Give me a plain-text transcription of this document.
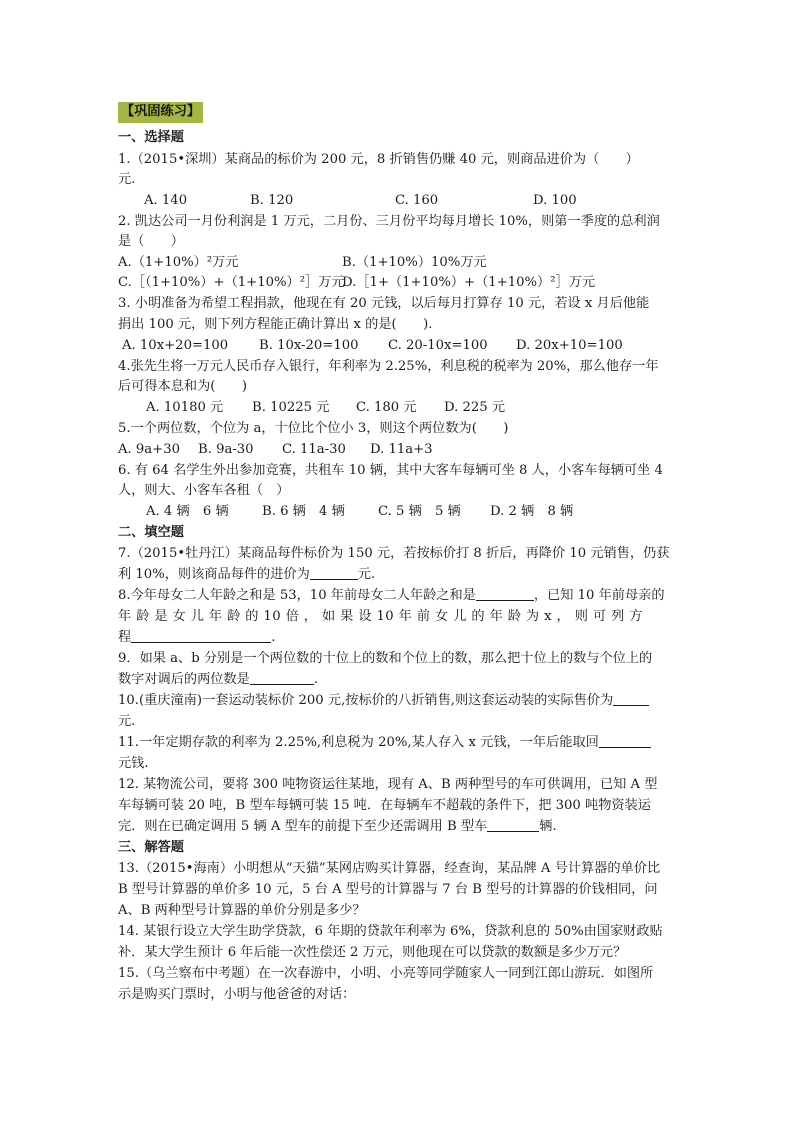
【巩固练习】
一、选择题
1.（2015•深圳）某商品的标价为 200 元，8 折销售仍赚 40 元，则商品进价为（　　）
元.
A. 140	B. 120	C. 160	D. 100
2. 凯达公司一月份利润是 1 万元，二月份、三月份平均每月增长 10%，则第一季度的总利润
是（　　）
A.（1+10%）²万元	B.（1+10%）10%万元
C.［（1+10%）+（1+10%）²］万元
D.［1+（1+10%）+（1+10%）²］万元
3. 小明准备为希望工程捐款，他现在有 20 元钱，以后每月打算存 10 元，若设 x 月后他能
捐出 100 元，则下列方程能正确计算出 x 的是(　　).
A. 10x+20=100 B. 10x-20=100 C. 20-10x=100 D. 20x+10=100
4.张先生将一万元人民币存入银行，年利率为 2.25%，利息税的税率为 20%，那么他存一年
后可得本息和为(　　)
A. 10180 元 B. 10225 元 C. 180 元 D. 225 元
5.一个两位数，个位为 a，十位比个位小 3，则这个两位数为(　　)
A. 9a+30 B. 9a-30 C. 11a-30 D. 11a+3
6. 有 64 名学生外出参加竞赛，共租车 10 辆，其中大客车每辆可坐 8 人，小客车每辆可坐 4
人，则大、小客车各租（　）
A. 4 辆　6 辆	B. 6 辆　4 辆	C. 5 辆　5 辆 D. 2 辆　8 辆
二、填空题
7.（2015•牡丹江）某商品每件标价为 150 元，若按标价打 8 折后，再降价 10 元销售，仍获
利 10%，则该商品每件的进价为	元.
8.今年母女二人年龄之和是 53，10 年前母女二人年龄之和是	，已知 10 年前母亲的
年 龄 是 女 儿 年 龄 的 10 倍 ， 如 果 设 10 年 前 女 儿 的 年 龄 为 x ， 则 可 列 方
程	.
9．如果 a、b 分别是一个两位数的十位上的数和个位上的数，那么把十位上的数与个位上的
数字对调后的两位数是	.
10.(重庆潼南)一套运动装标价 200 元,按标价的八折销售,则这套运动装的实际售价为
元.
11.一年定期存款的利率为 2.25%,利息税为 20%,某人存入 x 元钱，一年后能取回
元钱.
12. 某物流公司，要将 300 吨物资运往某地，现有 A、B 两种型号的车可供调用，已知 A 型
车每辆可装 20 吨，B 型车每辆可装 15 吨．在每辆车不超载的条件下，把 300 吨物资装运
完．则在已确定调用 5 辆 A 型车的前提下至少还需调用 B 型车	辆.
三、解答题
13.（2015•海南）小明想从“天猫”某网店购买计算器，经查询，某品牌 A 号计算器的单价比
B 型号计算器的单价多 10 元，5 台 A 型号的计算器与 7 台 B 型号的计算器的价钱相同，问
A、B 两种型号计算器的单价分别是多少？
14. 某银行设立大学生助学贷款，6 年期的贷款年利率为 6%，贷款利息的 50%由国家财政贴
补．某大学生预计 6 年后能一次性偿还 2 万元，则他现在可以贷款的数额是多少万元？
15.（乌兰察布中考题）在一次春游中，小明、小亮等同学随家人一同到江郎山游玩．如图所
示是购买门票时，小明与他爸爸的对话：
